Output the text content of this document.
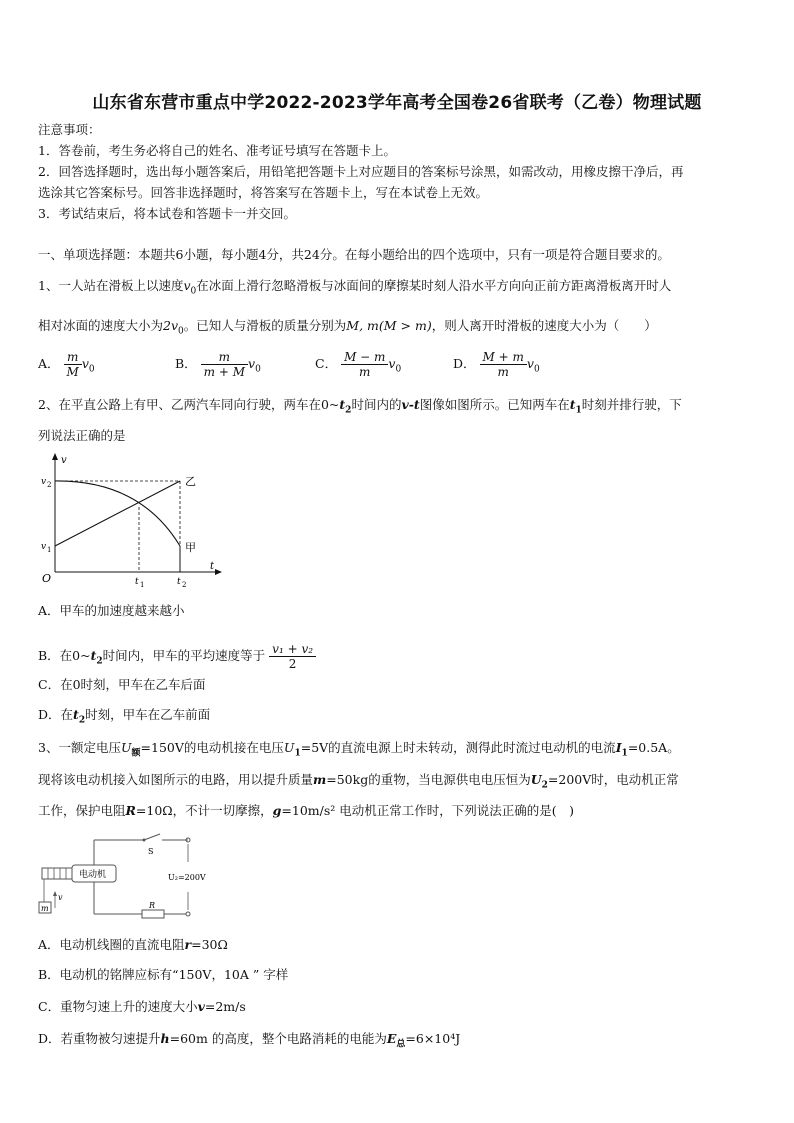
山东省东营市重点中学2022-2023学年高考全国卷26省联考（乙卷）物理试题
注意事项：
1．答卷前，考生务必将自己的姓名、准考证号填写在答题卡上。
2．回答选择题时，选出每小题答案后，用铅笔把答题卡上对应题目的答案标号涂黑，如需改动，用橡皮擦干净后，再
选涂其它答案标号。回答非选择题时，将答案写在答题卡上，写在本试卷上无效。
3．考试结束后，将本试卷和答题卡一并交回。
一、单项选择题：本题共6小题，每小题4分，共24分。在每小题给出的四个选项中，只有一项是符合题目要求的。
1、一人站在滑板上以速度$v_0$在冰面上滑行忽略滑板与冰面间的摩擦某时刻人沿水平方向向正前方距离滑板离开时人
相对冰面的速度大小为$2v_0$。已知人与滑板的质量分别为M, m(M > m)，则人离开时滑板的速度大小为（　　）
A． $\frac{m}{M} v_0$	B． $\frac{m}{m + M} v_0$	C． $\frac{M - m}{m} v_0$	D． $\frac{M + m}{m} v_0$
2、在平直公路上有甲、乙两汽车同向行驶，两车在$0\sim t_2$时间内的v-t图像如图所示。已知两车在$t_1$时刻并排行驶，下
列说法正确的是
v
t
O
v 2
v 1
t 1	t 2
乙
甲
A．甲车的加速度越来越小
B．在$0\sim t_2$时间内，甲车的平均速度等于 $\frac{\text{v₁ + v₂}}{2}$
C．在0时刻，甲车在乙车后面
D．在$t_2$时刻，甲车在乙车前面
3、一额定电压$U_额=150V$的电动机接在电压$U_1=5V$的直流电源上时未转动，测得此时流过电动机的电流$I_1=0.5A$。
现将该电动机接入如图所示的电路，用以提升质量m=50kg的重物，当电源供电电压恒为$U_2=200V$时，电动机正常
工作，保护电阻R=10Ω，不计一切摩擦，g=10m/s² 电动机正常工作时，下列说法正确的是(　)
S
U₂=200V
R
电动机
m
v
A．电动机线圈的直流电阻r=30Ω
B．电动机的铭牌应标有“150V，10A ” 字样
C．重物匀速上升的速度大小v=2m/s
D．若重物被匀速提升h=60m 的高度，整个电路消耗的电能为$E_总=6\times 10^4J$
